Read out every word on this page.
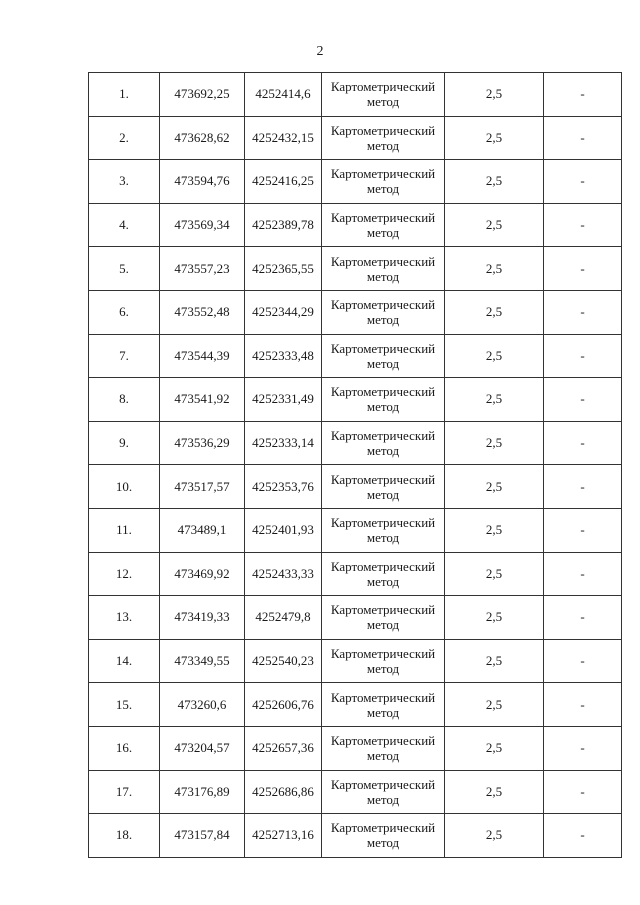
2
1.	473692,25	4252414,6	Картометрический
метод	2,5	-
2.	473628,62	4252432,15	Картометрический
метод	2,5	-
3.	473594,76	4252416,25	Картометрический
метод	2,5	-
4.	473569,34	4252389,78	Картометрический
метод	2,5	-
5.	473557,23	4252365,55	Картометрический
метод	2,5	-
6.	473552,48	4252344,29	Картометрический
метод	2,5	-
7.	473544,39	4252333,48	Картометрический
метод	2,5	-
8.	473541,92	4252331,49	Картометрический
метод	2,5	-
9.	473536,29	4252333,14	Картометрический
метод	2,5	-
10.	473517,57	4252353,76	Картометрический
метод	2,5	-
11.	473489,1	4252401,93	Картометрический
метод	2,5	-
12.	473469,92	4252433,33	Картометрический
метод	2,5	-
13.	473419,33	4252479,8	Картометрический
метод	2,5	-
14.	473349,55	4252540,23	Картометрический
метод	2,5	-
15.	473260,6	4252606,76	Картометрический
метод	2,5	-
16.	473204,57	4252657,36	Картометрический
метод	2,5	-
17.	473176,89	4252686,86	Картометрический
метод	2,5	-
18.	473157,84	4252713,16	Картометрический
метод	2,5	-
